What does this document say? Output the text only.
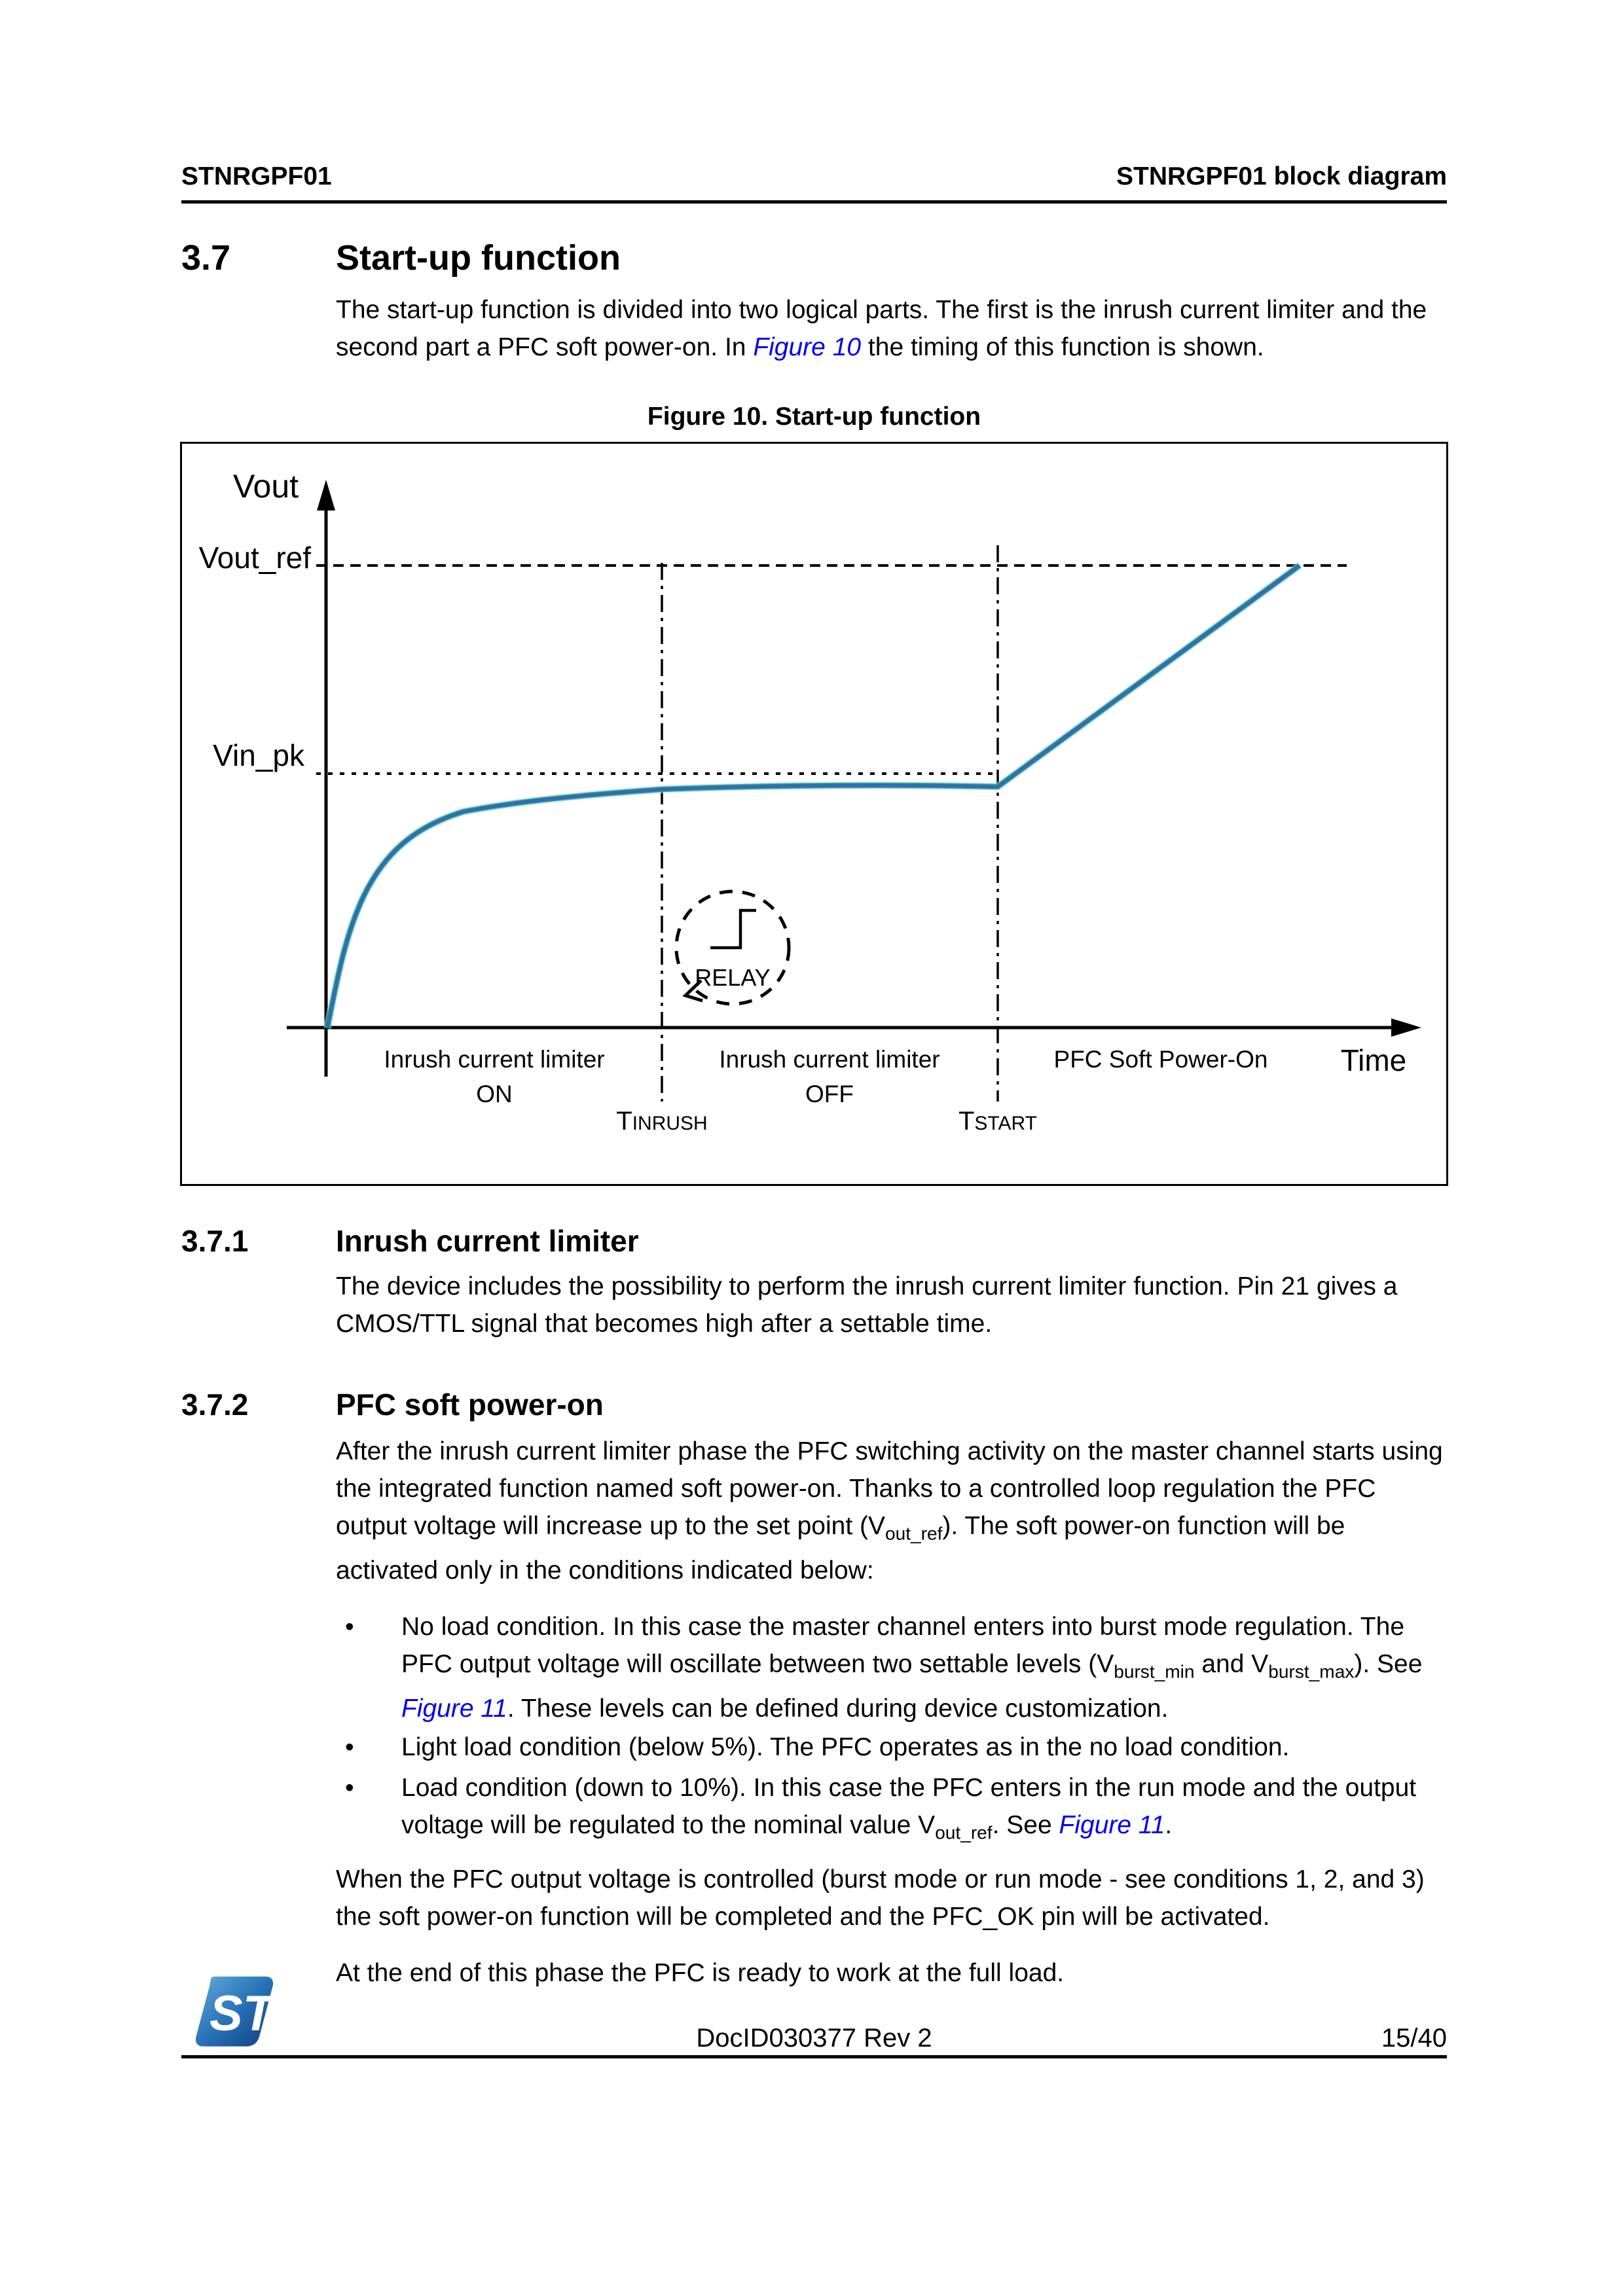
STNRGPF01	STNRGPF01 block diagram
3.7	Start-up function
The start-up function is divided into two logical parts. The first is the inrush current limiter and the second part a PFC soft power-on. In Figure 10 the timing of this function is shown.
Figure 10. Start-up function
Vout
Vout_ref
Vin_pk
RELAY
Inrush current limiter
ON
Inrush current limiter
OFF
PFC Soft Power-On Time
TINRUSH	TSTART
3.7.1	Inrush current limiter
The device includes the possibility to perform the inrush current limiter function. Pin 21 gives a CMOS/TTL signal that becomes high after a settable time.
3.7.2	PFC soft power-on
After the inrush current limiter phase the PFC switching activity on the master channel starts using the integrated function named soft power-on. Thanks to a controlled loop regulation the PFC output voltage will increase up to the set point $(V_{out\_ref})$. The soft power-on function will be activated only in the conditions indicated below:
•	No load condition. In this case the master channel enters into burst mode regulation. The PFC output voltage will oscillate between two settable levels ($V_{burst\_min}$ and $V_{burst\_max}$). See Figure 11. These levels can be defined during device customization.
•	Light load condition (below 5%). The PFC operates as in the no load condition.
•	Load condition (down to 10%). In this case the PFC enters in the run mode and the output voltage will be regulated to the nominal value $V_{out\_ref}$. See Figure 11.
When the PFC output voltage is controlled (burst mode or run mode - see conditions 1, 2, and 3) the soft power-on function will be completed and the PFC_OK pin will be activated.
At the end of this phase the PFC is ready to work at the full load.
ST	DocID030377 Rev 2	15/40
